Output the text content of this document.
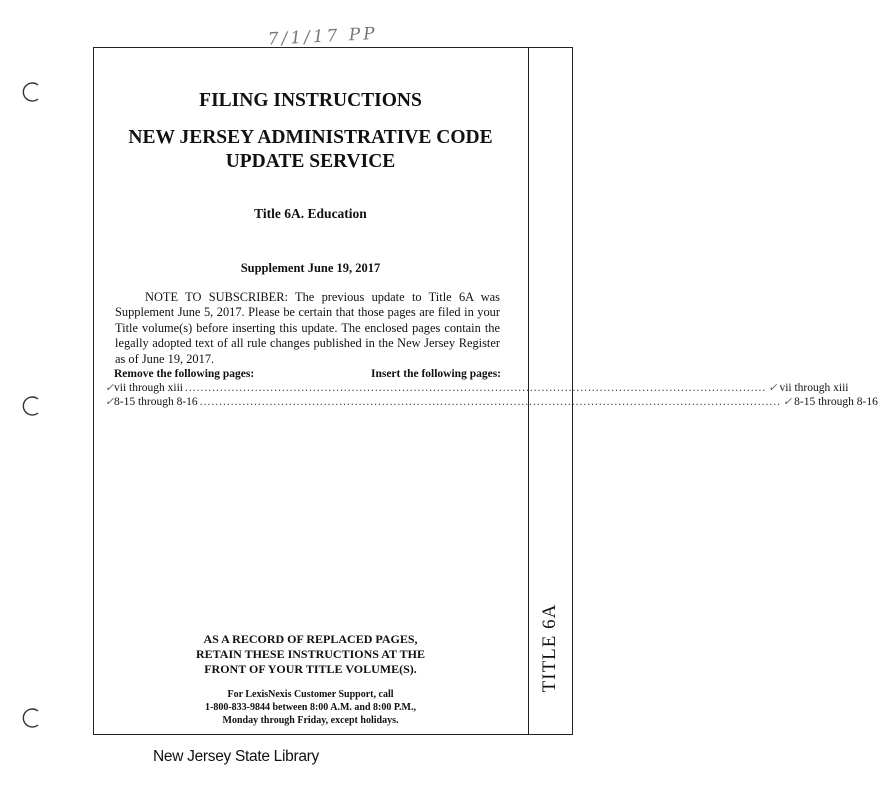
7/1/17 PP
TITLE 6A
FILING INSTRUCTIONS
NEW JERSEY ADMINISTRATIVE CODE
UPDATE SERVICE
Title 6A. Education
Supplement June 19, 2017

NOTE TO SUBSCRIBER: The previous update to Title 6A was Supplement June 5, 2017. Please be certain that those pages are filed in your Title volume(s) before inserting this update. The enclosed pages contain the legally adopted text of all rule changes published in the New Jersey Register as of June 19, 2017.

Remove the following pages:	Insert the following pages:
✓ vii through xiii ...................................................................................................................................................... ✓ vii through xiii
✓ 8-15 through 8-16 ...................................................................................................................................................... ✓ 8-15 through 8-16
AS A RECORD OF REPLACED PAGES,
RETAIN THESE INSTRUCTIONS AT THE
FRONT OF YOUR TITLE VOLUME(S).
For LexisNexis Customer Support, call
1-800-833-9844 between 8:00 A.M. and 8:00 P.M.,
Monday through Friday, except holidays.
New Jersey State Library
